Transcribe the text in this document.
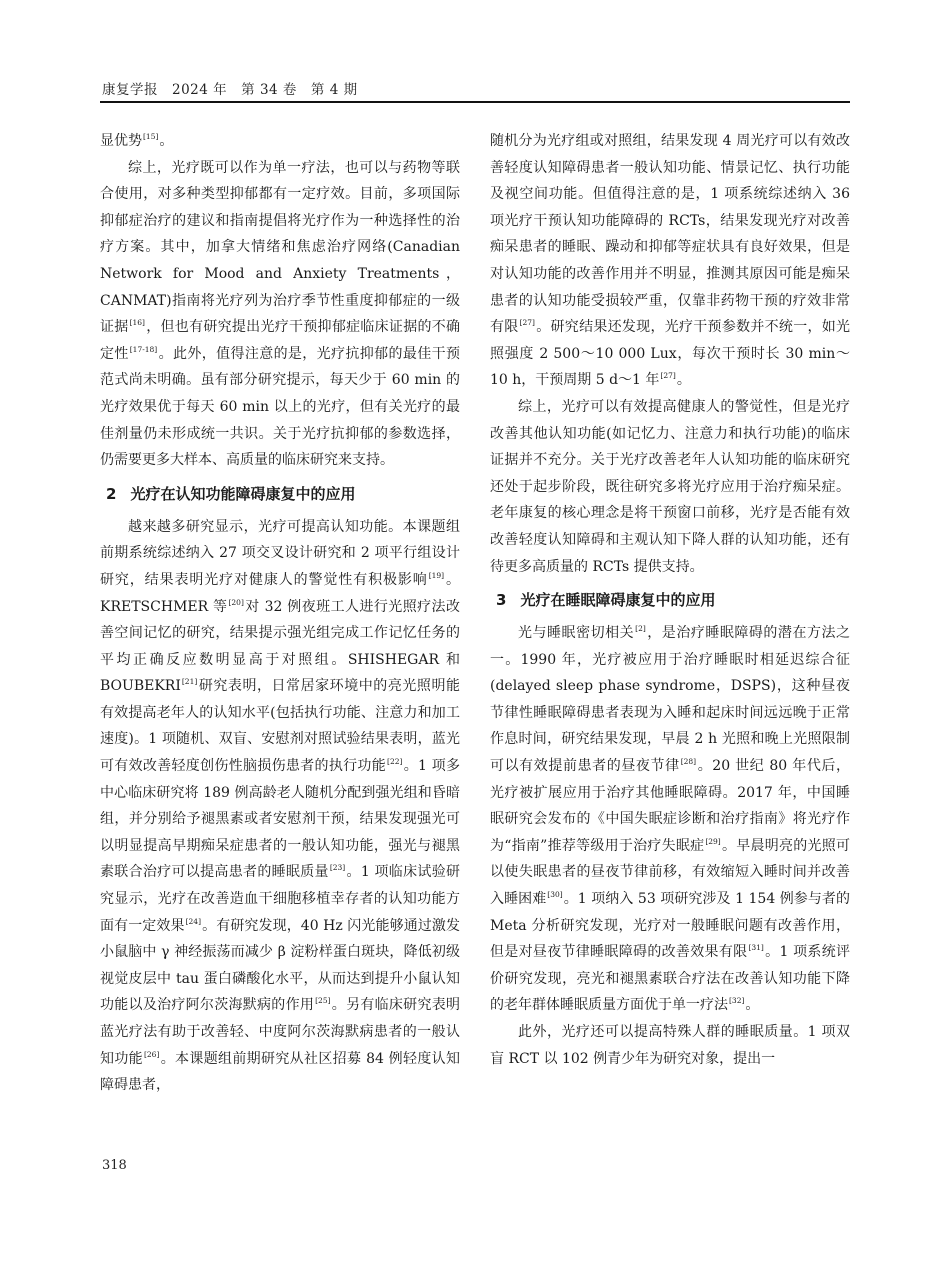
康复学报　2024 年　第 34 卷　第 4 期

显优势[15]。

综上，光疗既可以作为单一疗法，也可以与药物等联合使用，对多种类型抑郁都有一定疗效。目前，多项国际抑郁症治疗的建议和指南提倡将光疗作为一种选择性的治疗方案。其中，加拿大情绪和焦虑治疗网络(Canadian Network for Mood and Anxiety Treatments，CANMAT)指南将光疗列为治疗季节性重度抑郁症的一级证据[16]，但也有研究提出光疗干预抑郁症临床证据的不确定性[17-18]。此外，值得注意的是，光疗抗抑郁的最佳干预范式尚未明确。虽有部分研究提示，每天少于 60 min 的光疗效果优于每天 60 min 以上的光疗，但有关光疗的最佳剂量仍未形成统一共识。关于光疗抗抑郁的参数选择，仍需要更多大样本、高质量的临床研究来支持。

2 光疗在认知功能障碍康复中的应用

越来越多研究显示，光疗可提高认知功能。本课题组前期系统综述纳入 27 项交叉设计研究和 2 项平行组设计研究，结果表明光疗对健康人的警觉性有积极影响[19]。KRETSCHMER 等[20]对 32 例夜班工人进行光照疗法改善空间记忆的研究，结果提示强光组完成工作记忆任务的平均正确反应数明显高于对照组。SHISHEGAR 和 BOUBEKRI[21]研究表明，日常居家环境中的亮光照明能有效提高老年人的认知水平(包括执行功能、注意力和加工速度)。1 项随机、双盲、安慰剂对照试验结果表明，蓝光可有效改善轻度创伤性脑损伤患者的执行功能[22]。1 项多中心临床研究将 189 例高龄老人随机分配到强光组和昏暗组，并分别给予褪黑素或者安慰剂干预，结果发现强光可以明显提高早期痴呆症患者的一般认知功能，强光与褪黑素联合治疗可以提高患者的睡眠质量[23]。1 项临床试验研究显示，光疗在改善造血干细胞移植幸存者的认知功能方面有一定效果[24]。有研究发现，40 Hz 闪光能够通过激发小鼠脑中 γ 神经振荡而减少 β 淀粉样蛋白斑块，降低初级视觉皮层中 tau 蛋白磷酸化水平，从而达到提升小鼠认知功能以及治疗阿尔茨海默病的作用[25]。另有临床研究表明蓝光疗法有助于改善轻、中度阿尔茨海默病患者的一般认知功能[26]。本课题组前期研究从社区招募 84 例轻度认知障碍患者，

随机分为光疗组或对照组，结果发现 4 周光疗可以有效改善轻度认知障碍患者一般认知功能、情景记忆、执行功能及视空间功能。但值得注意的是，1 项系统综述纳入 36 项光疗干预认知功能障碍的 RCTs，结果发现光疗对改善痴呆患者的睡眠、躁动和抑郁等症状具有良好效果，但是对认知功能的改善作用并不明显，推测其原因可能是痴呆患者的认知功能受损较严重，仅靠非药物干预的疗效非常有限[27]。研究结果还发现，光疗干预参数并不统一，如光照强度 2 500～10 000 Lux，每次干预时长 30 min～10 h，干预周期 5 d～1 年[27]。

综上，光疗可以有效提高健康人的警觉性，但是光疗改善其他认知功能(如记忆力、注意力和执行功能)的临床证据并不充分。关于光疗改善老年人认知功能的临床研究还处于起步阶段，既往研究多将光疗应用于治疗痴呆症。老年康复的核心理念是将干预窗口前移，光疗是否能有效改善轻度认知障碍和主观认知下降人群的认知功能，还有待更多高质量的 RCTs 提供支持。

3 光疗在睡眠障碍康复中的应用

光与睡眠密切相关[2]，是治疗睡眠障碍的潜在方法之一。1990 年，光疗被应用于治疗睡眠时相延迟综合征(delayed sleep phase syndrome，DSPS)，这种昼夜节律性睡眠障碍患者表现为入睡和起床时间远远晚于正常作息时间，研究结果发现，早晨 2 h 光照和晚上光照限制可以有效提前患者的昼夜节律[28]。20 世纪 80 年代后，光疗被扩展应用于治疗其他睡眠障碍。2017 年，中国睡眠研究会发布的《中国失眠症诊断和治疗指南》将光疗作为“指南”推荐等级用于治疗失眠症[29]。早晨明亮的光照可以使失眠患者的昼夜节律前移，有效缩短入睡时间并改善入睡困难[30]。1 项纳入 53 项研究涉及 1 154 例参与者的 Meta 分析研究发现，光疗对一般睡眠问题有改善作用，但是对昼夜节律睡眠障碍的改善效果有限[31]。1 项系统评价研究发现，亮光和褪黑素联合疗法在改善认知功能下降的老年群体睡眠质量方面优于单一疗法[32]。

此外，光疗还可以提高特殊人群的睡眠质量。1 项双盲 RCT 以 102 例青少年为研究对象，提出一

318
